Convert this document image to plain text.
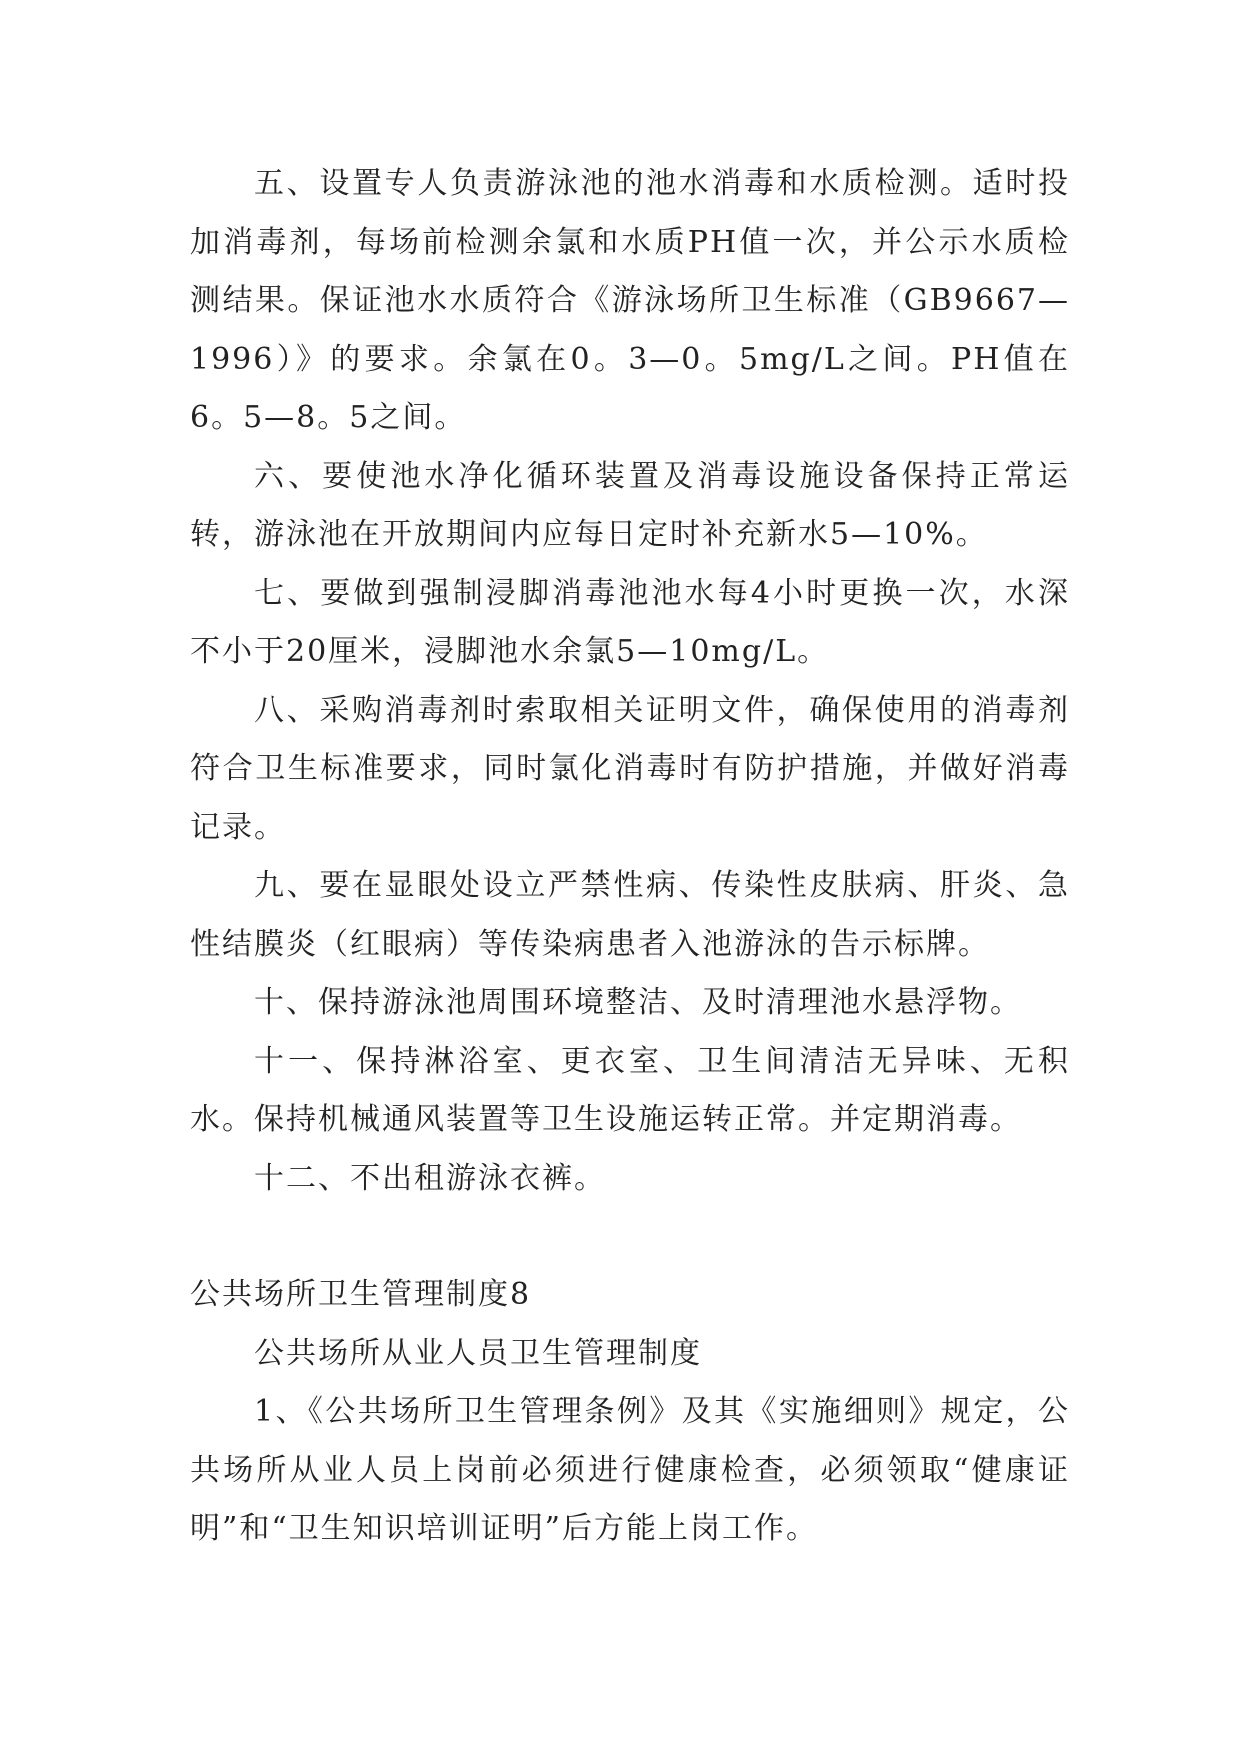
五、设置专人负责游泳池的池水消毒和水质检测。适时投加消毒剂，每场前检测余氯和水质PH值一次，并公示水质检测结果。保证池水水质符合《游泳场所卫生标准（GB9667—1996）》的要求。余氯在0。3—0。5mg/L之间。PH值在6。5—8。5之间。

六、要使池水净化循环装置及消毒设施设备保持正常运转，游泳池在开放期间内应每日定时补充新水5—10%。

七、要做到强制浸脚消毒池池水每4小时更换一次，水深不小于20厘米，浸脚池水余氯5—10mg/L。

八、采购消毒剂时索取相关证明文件，确保使用的消毒剂符合卫生标准要求，同时氯化消毒时有防护措施，并做好消毒记录。

九、要在显眼处设立严禁性病、传染性皮肤病、肝炎、急性结膜炎（红眼病）等传染病患者入池游泳的告示标牌。

十、保持游泳池周围环境整洁、及时清理池水悬浮物。

十一、保持淋浴室、更衣室、卫生间清洁无异味、无积水。保持机械通风装置等卫生设施运转正常。并定期消毒。

十二、不出租游泳衣裤。

公共场所卫生管理制度8

公共场所从业人员卫生管理制度

1、《公共场所卫生管理条例》及其《实施细则》规定，公共场所从业人员上岗前必须进行健康检查，必须领取“健康证明”和“卫生知识培训证明”后方能上岗工作。
